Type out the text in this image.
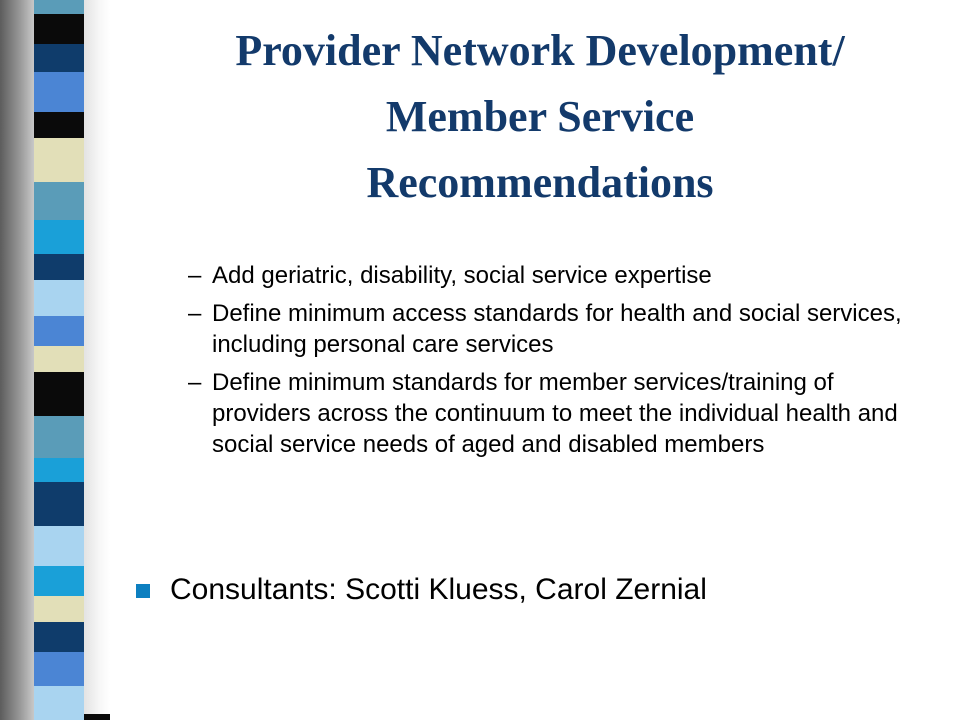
Provider Network Development/
Member Service
Recommendations
– Add geriatric, disability, social service expertise
– Define minimum access standards for health and social services, including personal care services
– Define minimum standards for member services/training of providers across the continuum to meet the individual health and social service needs of aged and disabled members
Consultants: Scotti Kluess, Carol Zernial
